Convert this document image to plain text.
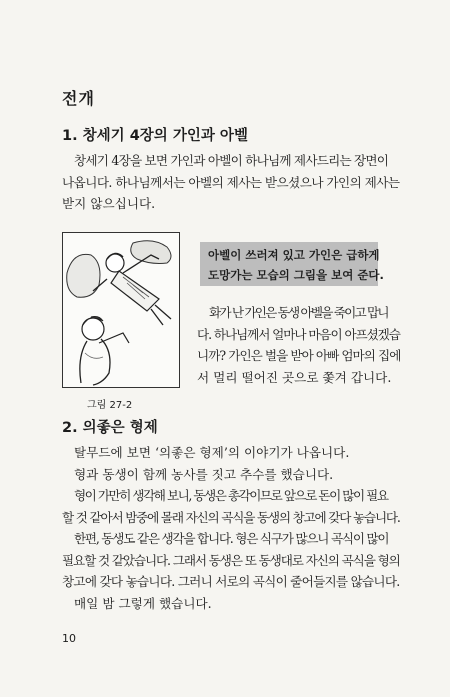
전개
1. 창세기 4장의 가인과 아벨

창세기 4장을 보면 가인과 아벨이 하나님께 제사드리는 장면이
나옵니다. 하나님께서는 아벨의 제사는 받으셨으나 가인의 제사는
받지 않으십니다.

그림 27-2
아벨이 쓰러져 있고 가인은 급하게
도망가는 모습의 그림을 보여 준다.

화가 난 가인은 동생 아벨을 죽이고 맙니
다. 하나님께서 얼마나 마음이 아프셨겠습
니까? 가인은 벌을 받아 아빠 엄마의 집에
서 멀리 떨어진 곳으로 쫓겨 갑니다.

2. 의좋은 형제

탈무드에 보면 ‘의좋은 형제’의 이야기가 나옵니다.
형과 동생이 함께 농사를 짓고 추수를 했습니다.
형이 가만히 생각해 보니, 동생은 총각이므로 앞으로 돈이 많이 필요
할 것 같아서 밤중에 몰래 자신의 곡식을 동생의 창고에 갖다 놓습니다.
한편, 동생도 같은 생각을 합니다. 형은 식구가 많으니 곡식이 많이
필요할 것 같았습니다. 그래서 동생은 또 동생대로 자신의 곡식을 형의
창고에 갖다 놓습니다. 그러니 서로의 곡식이 줄어들지를 않습니다.
매일 밤 그렇게 했습니다.

10
